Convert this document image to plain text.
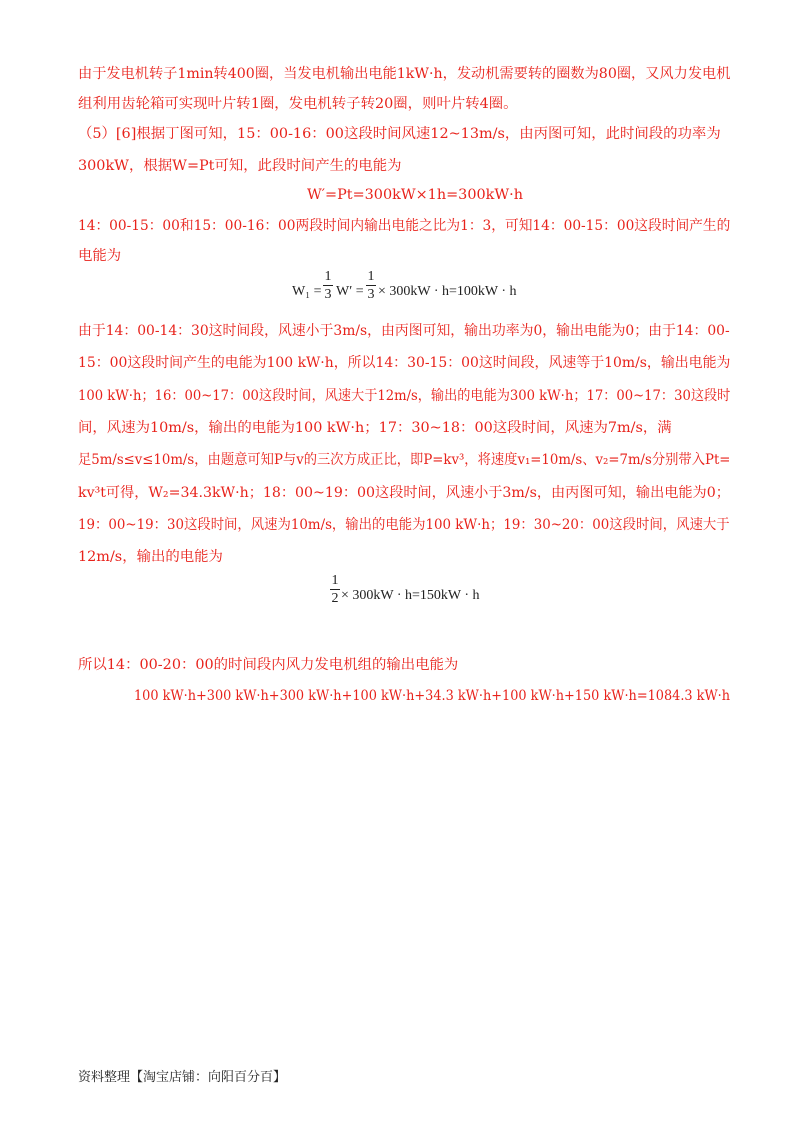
由于发电机转子1min转400圈，当发电机输出电能1kW·h，发动机需要转的圈数为80圈，又风力发电机
组利用齿轮箱可实现叶片转1圈，发电机转子转20圈，则叶片转4圈。
（5）[6]根据丁图可知，15：00-16：00这段时间风速12~13m/s，由丙图可知，此时间段的功率为
300kW，根据W=Pt可知，此段时间产生的电能为
W′=Pt=300kW×1h=300kW·h
14：00-15：00和15：00-16：00两段时间内输出电能之比为1：3，可知14：00-15：00这段时间产生的
电能为
W₁ =
1
3 W′ =
1
3 × 300kW · h=100kW · h
由于14：00-14：30这时间段，风速小于3m/s，由丙图可知，输出功率为0，输出电能为0；由于14：00-
15：00这段时间产生的电能为100 kW·h，所以14：30-15：00这时间段，风速等于10m/s，输出电能为
100 kW·h；16：00~17：00这段时间，风速大于12m/s，输出的电能为300 kW·h；17：00~17：30这段时
间，风速为10m/s，输出的电能为100 kW·h；17：30~18：00这段时间，风速为7m/s，满
足5m/s≤v≤10m/s，由题意可知P与v的三次方成正比，即P=kv³，将速度v₁=10m/s、v₂=7m/s分别带入Pt=
kv³t可得，W₂=34.3kW·h；18：00~19：00这段时间，风速小于3m/s，由丙图可知，输出电能为0；
19：00~19：30这段时间，风速为10m/s，输出的电能为100 kW·h；19：30~20：00这段时间，风速大于
12m/s，输出的电能为
1
2 × 300kW · h=150kW · h
所以14：00-20：00的时间段内风力发电机组的输出电能为
100 kW·h+300 kW·h+300 kW·h+100 kW·h+34.3 kW·h+100 kW·h+150 kW·h=1084.3 kW·h
资料整理【淘宝店铺：向阳百分百】
